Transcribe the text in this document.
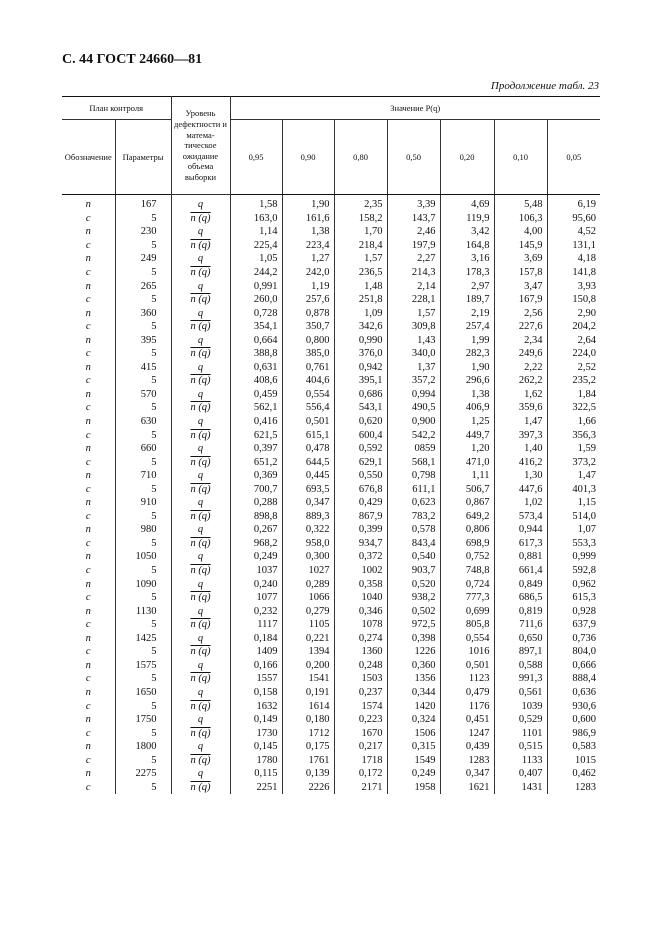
С. 44 ГОСТ 24660—81
Продолжение табл. 23
План контроля		Уровень дефектности и математическое ожидание объема выборки	Значение P(q)						
Обозначение	Параметры		0,95	0,90	0,80	0,50	0,20	0,10	0,05
n	167	q	1,58	1,90	2,35	3,39	4,69	5,48	6,19
c	5	n (q)	163,0	161,6	158,2	143,7	119,9	106,3	95,60
n	230	q	1,14	1,38	1,70	2,46	3,42	4,00	4,52
c	5	n (q)	225,4	223,4	218,4	197,9	164,8	145,9	131,1
n	249	q	1,05	1,27	1,57	2,27	3,16	3,69	4,18
c	5	n (q)	244,2	242,0	236,5	214,3	178,3	157,8	141,8
n	265	q	0,991	1,19	1,48	2,14	2,97	3,47	3,93
c	5	n (q)	260,0	257,6	251,8	228,1	189,7	167,9	150,8
n	360	q	0,728	0,878	1,09	1,57	2,19	2,56	2,90
c	5	n (q)	354,1	350,7	342,6	309,8	257,4	227,6	204,2
n	395	q	0,664	0,800	0,990	1,43	1,99	2,34	2,64
c	5	n (q)	388,8	385,0	376,0	340,0	282,3	249,6	224,0
n	415	q	0,631	0,761	0,942	1,37	1,90	2,22	2,52
c	5	n (q)	408,6	404,6	395,1	357,2	296,6	262,2	235,2
n	570	q	0,459	0,554	0,686	0,994	1,38	1,62	1,84
c	5	n (q)	562,1	556,4	543,1	490,5	406,9	359,6	322,5
n	630	q	0,416	0,501	0,620	0,900	1,25	1,47	1,66
c	5	n (q)	621,5	615,1	600,4	542,2	449,7	397,3	356,3
n	660	q	0,397	0,478	0,592	0859	1,20	1,40	1,59
c	5	n (q)	651,2	644,5	629,1	568,1	471,0	416,2	373,2
n	710	q	0,369	0,445	0,550	0,798	1,11	1,30	1,47
c	5	n (q)	700,7	693,5	676,8	611,1	506,7	447,6	401,3
n	910	q	0,288	0,347	0,429	0,623	0,867	1,02	1,15
c	5	n (q)	898,8	889,3	867,9	783,2	649,2	573,4	514,0
n	980	q	0,267	0,322	0,399	0,578	0,806	0,944	1,07
c	5	n (q)	968,2	958,0	934,7	843,4	698,9	617,3	553,3
n	1050	q	0,249	0,300	0,372	0,540	0,752	0,881	0,999
c	5	n (q)	1037	1027	1002	903,7	748,8	661,4	592,8
n	1090	q	0,240	0,289	0,358	0,520	0,724	0,849	0,962
c	5	n (q)	1077	1066	1040	938,2	777,3	686,5	615,3
n	1130	q	0,232	0,279	0,346	0,502	0,699	0,819	0,928
c	5	n (q)	1117	1105	1078	972,5	805,8	711,6	637,9
n	1425	q	0,184	0,221	0,274	0,398	0,554	0,650	0,736
c	5	n (q)	1409	1394	1360	1226	1016	897,1	804,0
n	1575	q	0,166	0,200	0,248	0,360	0,501	0,588	0,666
c	5	n (q)	1557	1541	1503	1356	1123	991,3	888,4
n	1650	q	0,158	0,191	0,237	0,344	0,479	0,561	0,636
c	5	n (q)	1632	1614	1574	1420	1176	1039	930,6
n	1750	q	0,149	0,180	0,223	0,324	0,451	0,529	0,600
c	5	n (q)	1730	1712	1670	1506	1247	1101	986,9
n	1800	q	0,145	0,175	0,217	0,315	0,439	0,515	0,583
c	5	n (q)	1780	1761	1718	1549	1283	1133	1015
n	2275	q	0,115	0,139	0,172	0,249	0,347	0,407	0,462
c	5	n (q)	2251	2226	2171	1958	1621	1431	1283
